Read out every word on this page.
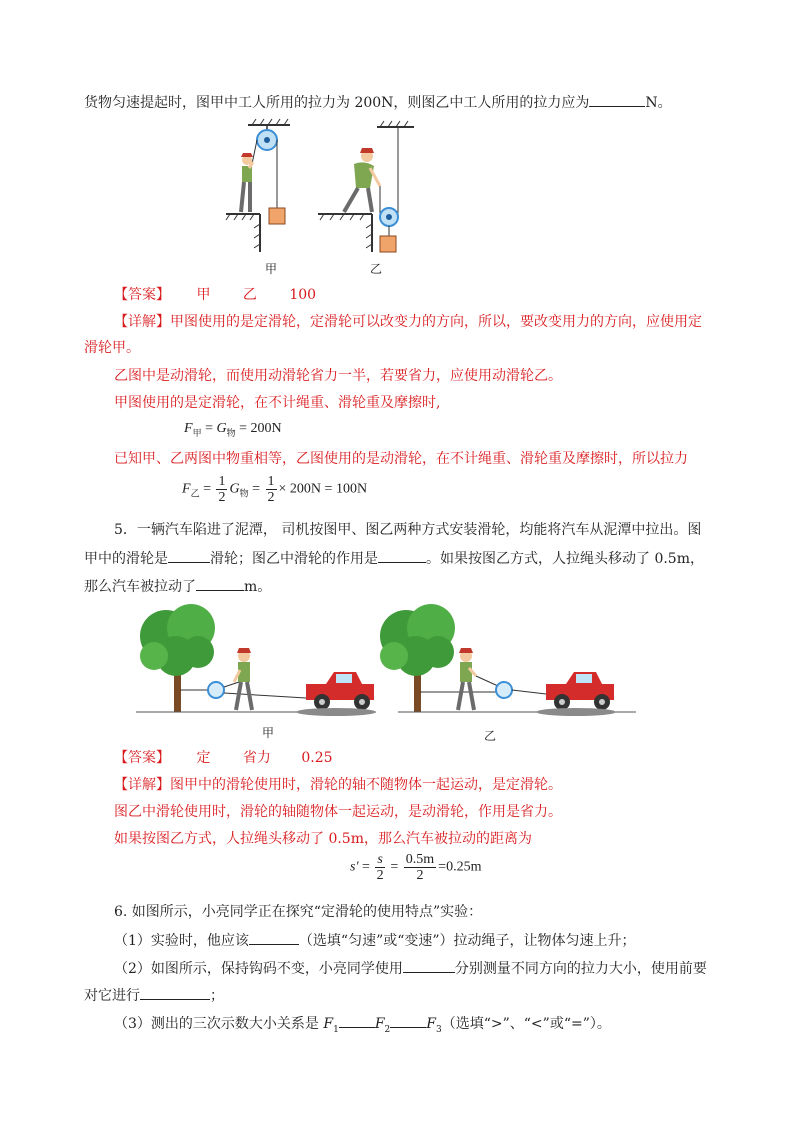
货物匀速提起时，图甲中工人所用的拉力为 200N，则图乙中工人所用的拉力应为	N。
甲	乙
【答案】 甲 乙 100
【详解】甲图使用的是定滑轮，定滑轮可以改变力的方向，所以，要改变用力的方向，应使用定
滑轮甲。
乙图中是动滑轮，而使用动滑轮省力一半，若要省力，应使用动滑轮乙。
甲图使用的是定滑轮，在不计绳重、滑轮重及摩擦时,
$F_甲 = G_物 = 200N$
已知甲、乙两图中物重相等，乙图使用的是动滑轮，在不计绳重、滑轮重及摩擦时，所以拉力
$F_乙 = \frac{1}{2} G_物 = \frac{1}{2} \times 200N = 100N$
5．一辆汽车陷进了泥潭， 司机按图甲、图乙两种方式安装滑轮，均能将汽车从泥潭中拉出。图
甲中的滑轮是	滑轮；图乙中滑轮的作用是	。如果按图乙方式，人拉绳头移动了 0.5m，
那么汽车被拉动了	m。
甲	乙
【答案】 定 省力 0.25
【详解】图甲中的滑轮使用时，滑轮的轴不随物体一起运动，是定滑轮。
图乙中滑轮使用时，滑轮的轴随物体一起运动，是动滑轮，作用是省力。
如果按图乙方式，人拉绳头移动了 0.5m，那么汽车被拉动的距离为
$s' = \frac{s}{2} = \frac{0.5m}{2} =0.25m$
6. 如图所示，小亮同学正在探究“定滑轮的使用特点”实验：
（1）实验时，他应该	（选填“匀速”或“变速”）拉动绳子，让物体匀速上升；
（2）如图所示，保持钩码不变，小亮同学使用	分别测量不同方向的拉力大小，使用前要
对它进行	；
（3）测出的三次示数大小关系是 $F_1$	$F_2$	$F_3$（选填“>”、“<”或“=”）。
